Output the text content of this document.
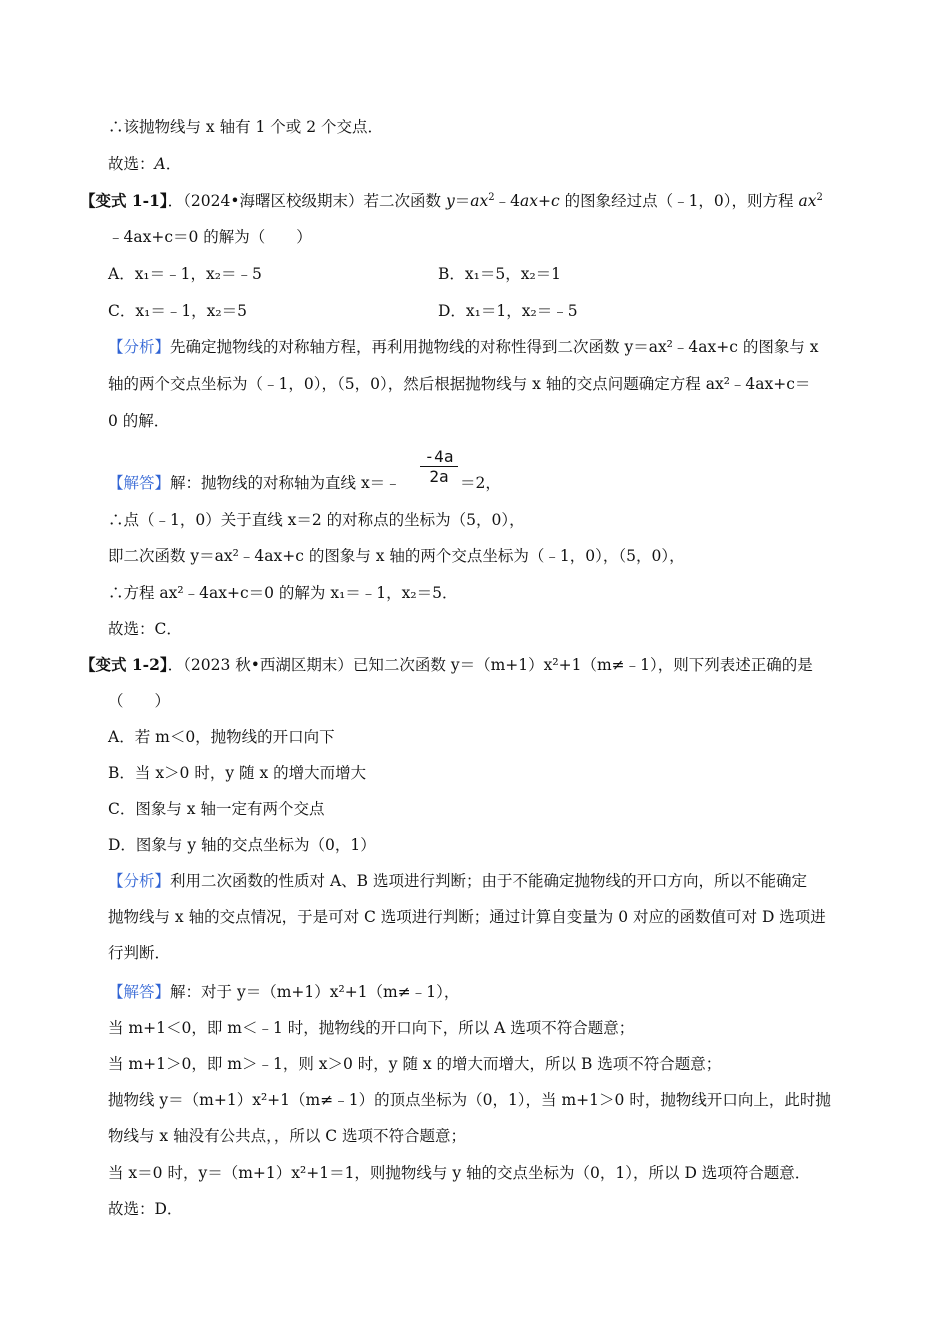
∴该抛物线与 x 轴有 1 个或 2 个交点．
故选：A．
【变式 1-1】．（2024•海曙区校级期末）若二次函数 $y=ax^2﹣4ax+c$ 的图象经过点（﹣1，0），则方程 $ax^2$
﹣4ax+c＝0 的解为（　　）
A．x₁＝﹣1，x₂＝﹣5	B．x₁＝5，x₂＝1
C．x₁＝﹣1，x₂＝5	D．x₁＝1，x₂＝﹣5
【分析】先确定抛物线的对称轴方程，再利用抛物线的对称性得到二次函数 y＝ax²﹣4ax+c 的图象与 x
轴的两个交点坐标为（﹣1，0），（5，0），然后根据抛物线与 x 轴的交点问题确定方程 ax²﹣4ax+c＝
0 的解．
【解答】解：抛物线的对称轴为直线 x＝﹣ $\frac{-4a}{2a} =2$，
∴点（﹣1，0）关于直线 x＝2 的对称点的坐标为（5，0），
即二次函数 y＝ax²﹣4ax+c 的图象与 x 轴的两个交点坐标为（﹣1，0），（5，0），
∴方程 ax²﹣4ax+c＝0 的解为 x₁＝﹣1，x₂＝5．
故选：C．
【变式 1-2】．（2023 秋•西湖区期末）已知二次函数 y＝（m+1）x²+1（m≠﹣1），则下列表述正确的是
（　　）
A．若 m＜0，抛物线的开口向下
B．当 x＞0 时，y 随 x 的增大而增大
C．图象与 x 轴一定有两个交点
D．图象与 y 轴的交点坐标为（0，1）
【分析】利用二次函数的性质对 A、B 选项进行判断；由于不能确定抛物线的开口方向，所以不能确定
抛物线与 x 轴的交点情况，于是可对 C 选项进行判断；通过计算自变量为 0 对应的函数值可对 D 选项进
行判断．
【解答】解：对于 y＝（m+1）x²+1（m≠﹣1），
当 m+1＜0，即 m＜﹣1 时，抛物线的开口向下，所以 A 选项不符合题意；
当 m+1＞0，即 m＞﹣1，则 x＞0 时，y 随 x 的增大而增大，所以 B 选项不符合题意；
抛物线 y＝（m+1）x²+1（m≠﹣1）的顶点坐标为（0，1），当 m+1＞0 时，抛物线开口向上，此时抛
物线与 x 轴没有公共点，，所以 C 选项不符合题意；
当 x＝0 时，y＝（m+1）x²+1＝1，则抛物线与 y 轴的交点坐标为（0，1），所以 D 选项符合题意．
故选：D．
